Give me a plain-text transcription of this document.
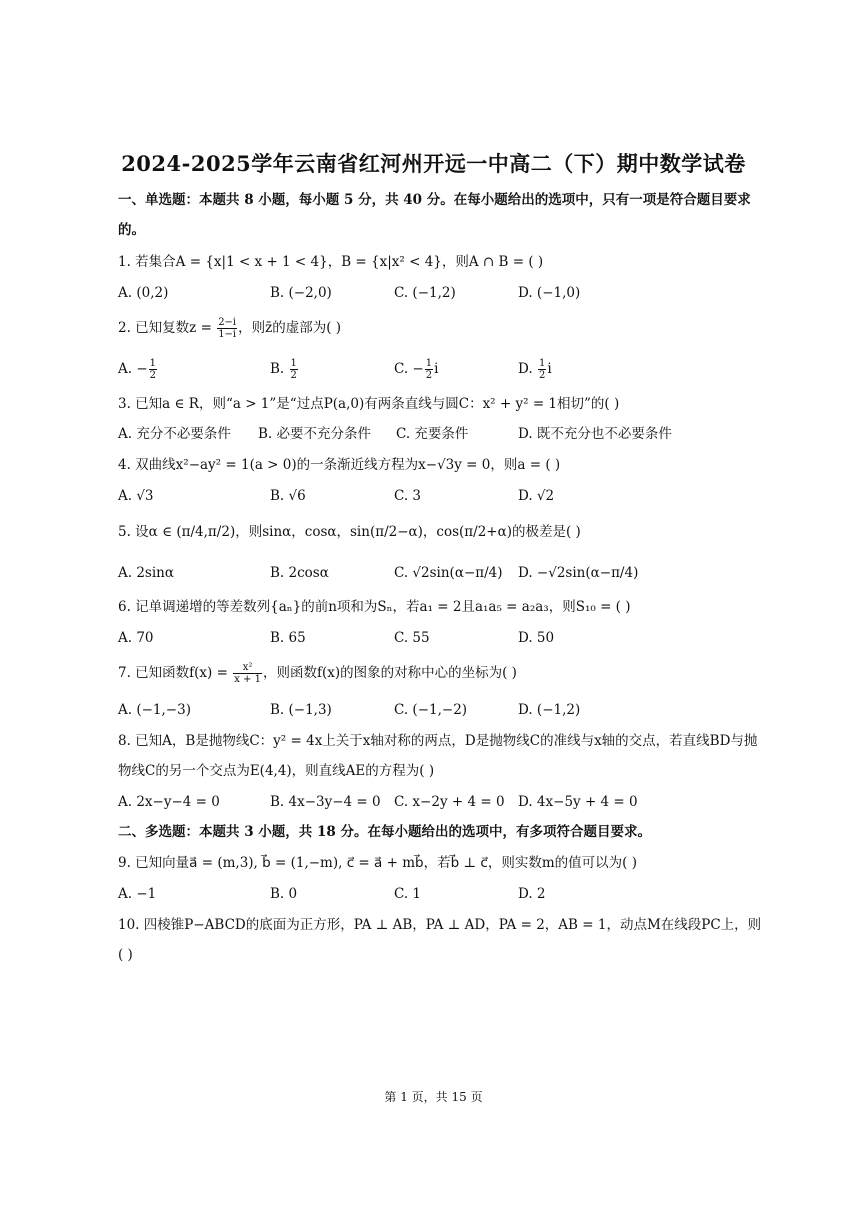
2024-2025学年云南省红河州开远一中高二（下）期中数学试卷
一、单选题：本题共 8 小题，每小题 5 分，共 40 分。在每小题给出的选项中，只有一项是符合题目要求
的。
1. 若集合A = {x|1 < x + 1 < 4}，B = {x|x² < 4}，则A ∩ B = ( )
A. (0,2)	B. (−2,0)	C. (−1,2)	D. (−1,0)
2. 已知复数$z = \frac{2-i}{1-i}$ ，则z̄的虚部为( )
A. − $\frac{1}{2}$	B. $\frac{1}{2}$	C. − $\frac{1}{2}$ i	D. $\frac{1}{2}$ i
3. 已知a ∈ R，则“a > 1”是“过点P(a,0)有两条直线与圆C：x² + y² = 1相切”的( )
A. 充分不必要条件 B. 必要不充分条件 C. 充要条件	D. 既不充分也不必要条件
4. 双曲线x²−ay² = 1(a > 0)的一条渐近线方程为x−√3y = 0，则a = ( )
A. √3	B. √6	C. 3	D. √2
5. 设α ∈ (π/4,π/2)，则sinα，cosα，sin(π/2−α)，cos(π/2+α)的极差是( )
A. 2sinα	B. 2cosα	C. √2sin(α−π/4) D. −√2sin(α−π/4)
6. 记单调递增的等差数列{aₙ}的前n项和为Sₙ，若a₁ = 2且a₁a₅ = a₂a₃，则S₁₀ = ( )
A. 70	B. 65	C. 55	D. 50
7. 已知函数$f(x) = \frac{\text{x²}}{x + 1}$ ，则函数f(x)的图象的对称中心的坐标为( )
A. (−1,−3)	B. (−1,3)	C. (−1,−2)	D. (−1,2)
8. 已知A，B是抛物线C：y² = 4x上关于x轴对称的两点，D是抛物线C的准线与x轴的交点，若直线BD与抛
物线C的另一个交点为E(4,4)，则直线AE的方程为( )
A. 2x−y−4 = 0	B. 4x−3y−4 = 0 C. x−2y + 4 = 0 D. 4x−5y + 4 = 0
二、多选题：本题共 3 小题，共 18 分。在每小题给出的选项中，有多项符合题目要求。
9. 已知向量a⃗ = (m,3), b⃗ = (1,−m), c⃗ = a⃗ + mb⃗，若b⃗ ⊥ c⃗，则实数m的值可以为( )
A. −1	B. 0	C. 1	D. 2
10. 四棱锥P−ABCD的底面为正方形，PA ⊥ AB，PA ⊥ AD，PA = 2，AB = 1，动点M在线段PC上，则
( )
第 1 页，共 15 页
